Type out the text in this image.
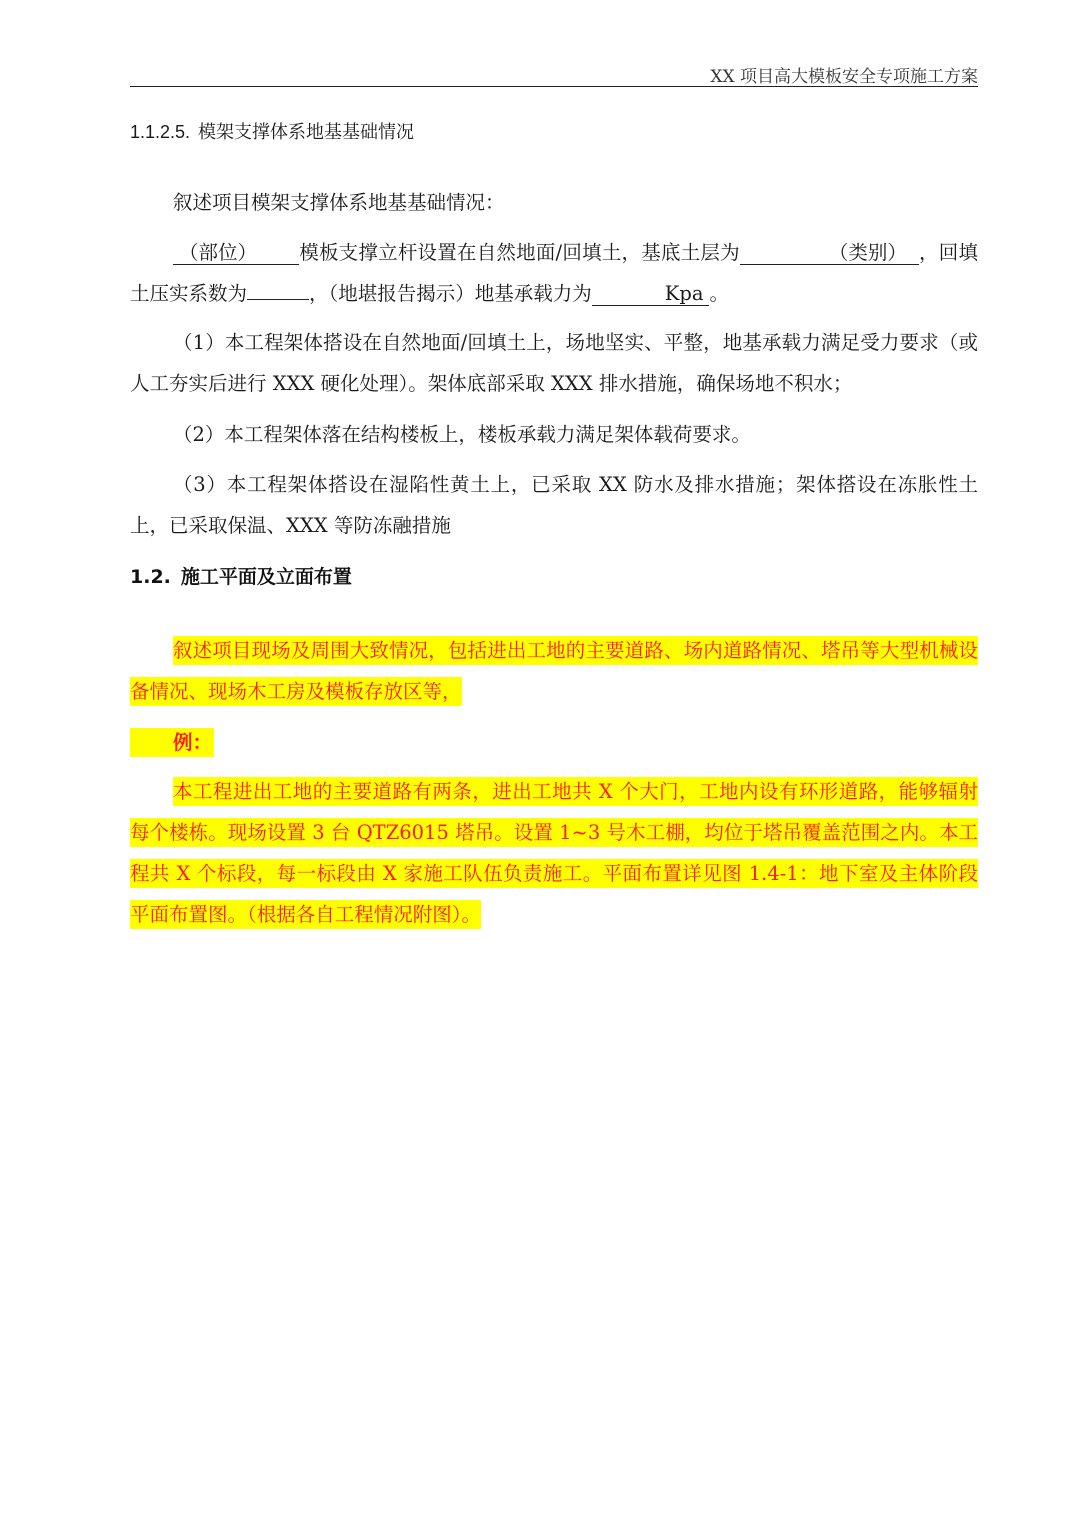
XX 项目高大模板安全专项施工方案
1.1.2.5. 模架支撑体系地基基础情况
叙述项目模架支撑体系地基基础情况：
（部位） 模板支撑立杆设置在自然地面/回填土，基底土层为	（类别） ，回填土压实系数为	，（地堪报告揭示）地基承载力为	Kpa 。
（1）本工程架体搭设在自然地面/回填土上，场地坚实、平整，地基承载力满足受力要求（或人工夯实后进行 XXX 硬化处理）。架体底部采取 XXX 排水措施，确保场地不积水；
（2）本工程架体落在结构楼板上，楼板承载力满足架体载荷要求。
（3）本工程架体搭设在湿陷性黄土上，已采取 XX 防水及排水措施；架体搭设在冻胀性土上，已采取保温、XXX 等防冻融措施
1.2. 施工平面及立面布置
叙述项目现场及周围大致情况，包括进出工地的主要道路、场内道路情况、塔吊等大型机械设备情况、现场木工房及模板存放区等，
例：
本工程进出工地的主要道路有两条，进出工地共 X 个大门，工地内设有环形道路，能够辐射每个楼栋。现场设置 3 台 QTZ6015 塔吊。设置 1~3 号木工棚，均位于塔吊覆盖范围之内。本工程共 X 个标段，每一标段由 X 家施工队伍负责施工。平面布置详见图 1.4-1：地下室及主体阶段平面布置图。（根据各自工程情况附图）。
